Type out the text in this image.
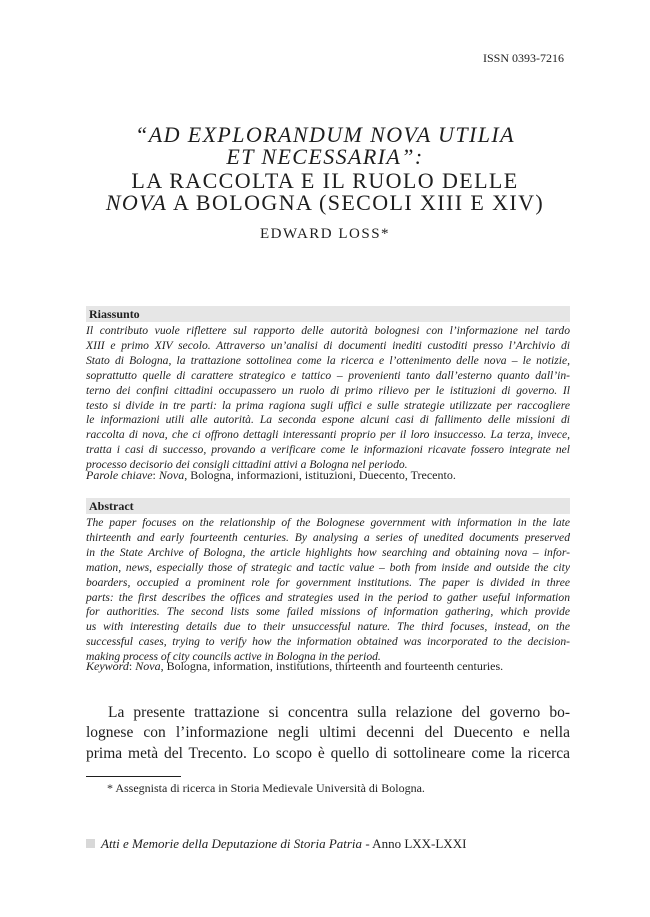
ISSN 0393-7216
“AD EXPLORANDUM NOVA UTILIA
ET NECESSARIA”:
LA RACCOLTA E IL RUOLO DELLE
NOVA A BOLOGNA (SECOLI XIII E XIV)
EDWARD LOSS*
Riassunto
Il contributo vuole riflettere sul rapporto delle autorità bolognesi con l’informazione nel tardo
XIII e primo XIV secolo. Attraverso un’analisi di documenti inediti custoditi presso l’Archivio di
Stato di Bologna, la trattazione sottolinea come la ricerca e l’ottenimento delle nova – le notizie,
soprattutto quelle di carattere strategico e tattico – provenienti tanto dall’esterno quanto dall’in-
terno dei confini cittadini occupassero un ruolo di primo rilievo per le istituzioni di governo. Il
testo si divide in tre parti: la prima ragiona sugli uffici e sulle strategie utilizzate per raccogliere
le informazioni utili alle autorità. La seconda espone alcuni casi di fallimento delle missioni di
raccolta di nova, che ci offrono dettagli interessanti proprio per il loro insuccesso. La terza, invece,
tratta i casi di successo, provando a verificare come le informazioni ricavate fossero integrate nel
processo decisorio dei consigli cittadini attivi a Bologna nel periodo.
Parole chiave: Nova, Bologna, informazioni, istituzioni, Duecento, Trecento.
Abstract
The paper focuses on the relationship of the Bolognese government with information in the late
thirteenth and early fourteenth centuries. By analysing a series of unedited documents preserved
in the State Archive of Bologna, the article highlights how searching and obtaining nova – infor-
mation, news, especially those of strategic and tactic value – both from inside and outside the city
boarders, occupied a prominent role for government institutions. The paper is divided in three
parts: the first describes the offices and strategies used in the period to gather useful information
for authorities. The second lists some failed missions of information gathering, which provide
us with interesting details due to their unsuccessful nature. The third focuses, instead, on the
successful cases, trying to verify how the information obtained was incorporated to the decision-
making process of city councils active in Bologna in the period.
Keyword: Nova, Bologna, information, institutions, thirteenth and fourteenth centuries.
La presente trattazione si concentra sulla relazione del governo bo-
lognese con l’informazione negli ultimi decenni del Duecento e nella
prima metà del Trecento. Lo scopo è quello di sottolineare come la ricerca
* Assegnista di ricerca in Storia Medievale Università di Bologna.
Atti e Memorie della Deputazione di Storia Patria - Anno LXX-LXXI
